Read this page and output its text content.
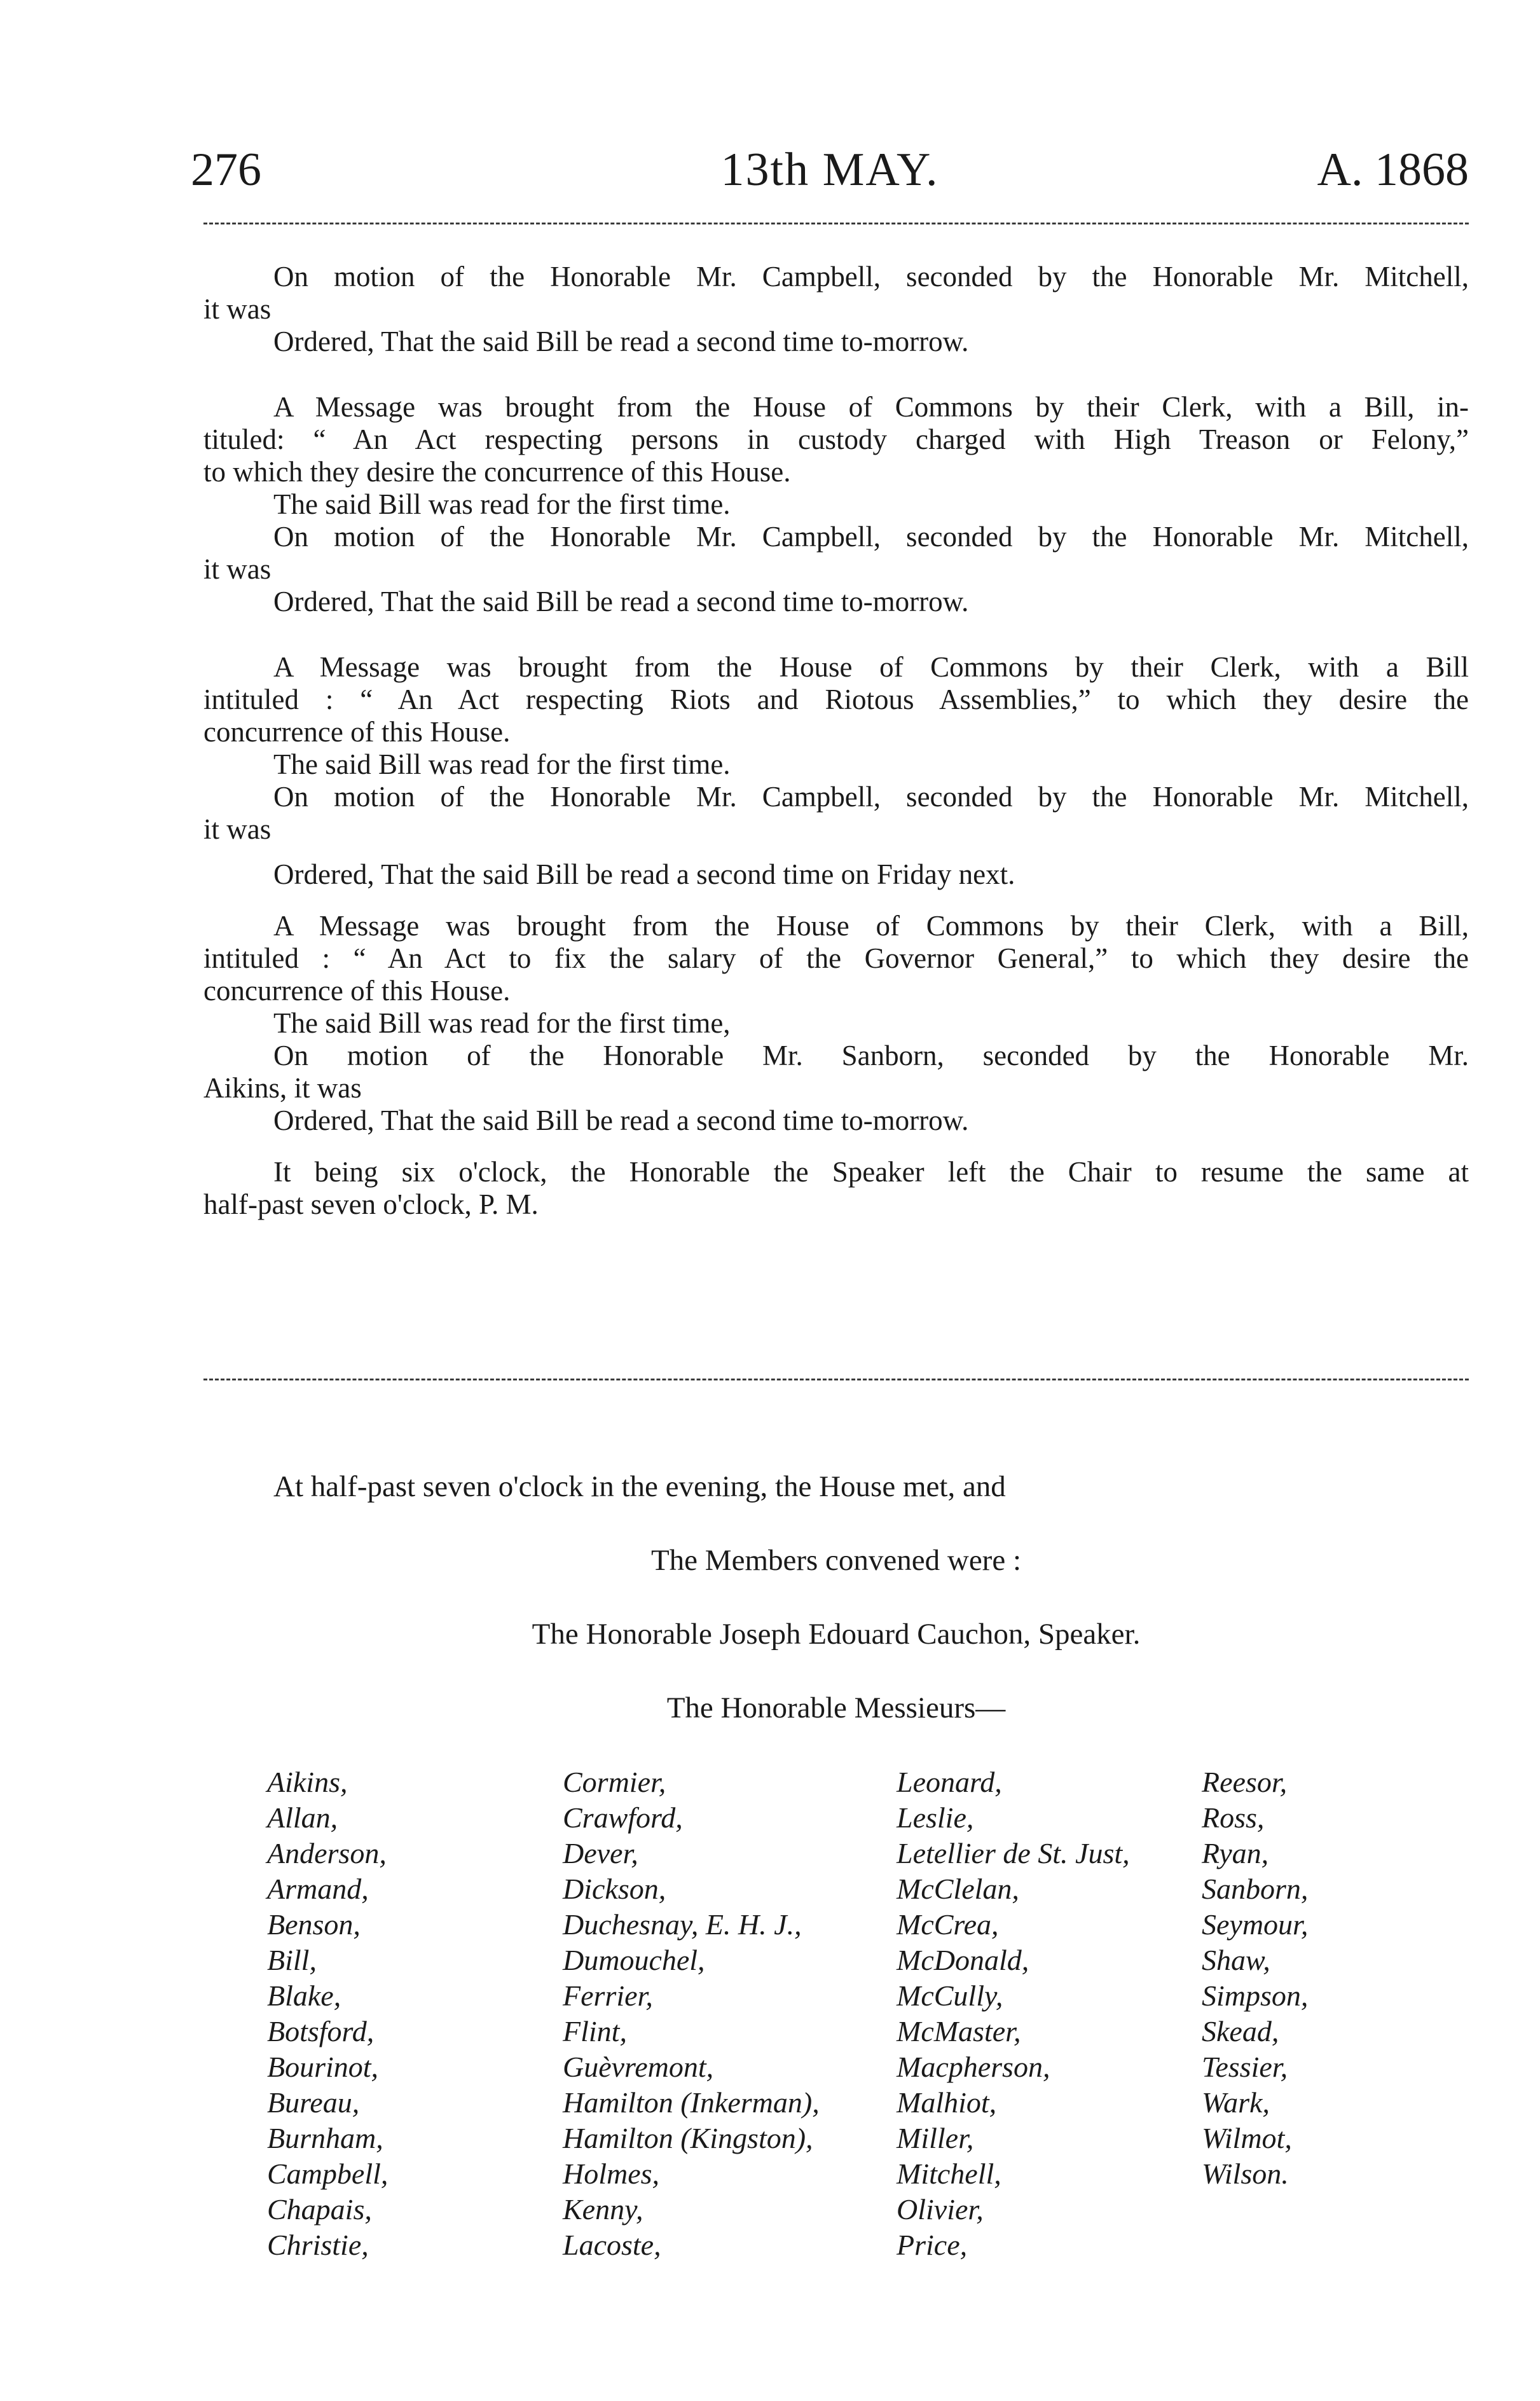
276	13th MAY.	A. 1868

On motion of the Honorable Mr. Campbell, seconded by the Honorable Mr. Mitchell,

it was

Ordered, That the said Bill be read a second time to-morrow.

A Message was brought from the House of Commons by their Clerk, with a Bill, in-

tituled: “ An Act respecting persons in custody charged with High Treason or Felony,”

to which they desire the concurrence of this House.

The said Bill was read for the first time.

On motion of the Honorable Mr. Campbell, seconded by the Honorable Mr. Mitchell,

it was

Ordered, That the said Bill be read a second time to-morrow.

A Message was brought from the House of Commons by their Clerk, with a Bill

intituled : “ An Act respecting Riots and Riotous Assemblies,” to which they desire the

concurrence of this House.

The said Bill was read for the first time.

On motion of the Honorable Mr. Campbell, seconded by the Honorable Mr. Mitchell,

it was

Ordered, That the said Bill be read a second time on Friday next.

A Message was brought from the House of Commons by their Clerk, with a Bill,

intituled : “ An Act to fix the salary of the Governor General,” to which they desire the

concurrence of this House.

The said Bill was read for the first time,

On motion of the Honorable Mr. Sanborn, seconded by the Honorable Mr.

Aikins, it was

Ordered, That the said Bill be read a second time to-morrow.

It being six o'clock, the Honorable the Speaker left the Chair to resume the same at

half-past seven o'clock, P. M.

At half-past seven o'clock in the evening, the House met, and

The Members convened were :

The Honorable Joseph Edouard Cauchon, Speaker.

The Honorable Messieurs—

Aikins,
Allan,
Anderson,
Armand,
Benson,
Bill,
Blake,
Botsford,
Bourinot,
Bureau,
Burnham,
Campbell,
Chapais,
Christie,
Cormier,
Crawford,
Dever,
Dickson,
Duchesnay, E. H. J.,
Dumouchel,
Ferrier,
Flint,
Guèvremont,
Hamilton (Inkerman),
Hamilton (Kingston),
Holmes,
Kenny,
Lacoste,
Leonard,
Leslie,
Letellier de St. Just,
McClelan,
McCrea,
McDonald,
McCully,
McMaster,
Macpherson,
Malhiot,
Miller,
Mitchell,
Olivier,
Price,
Reesor,
Ross,
Ryan,
Sanborn,
Seymour,
Shaw,
Simpson,
Skead,
Tessier,
Wark,
Wilmot,
Wilson.
